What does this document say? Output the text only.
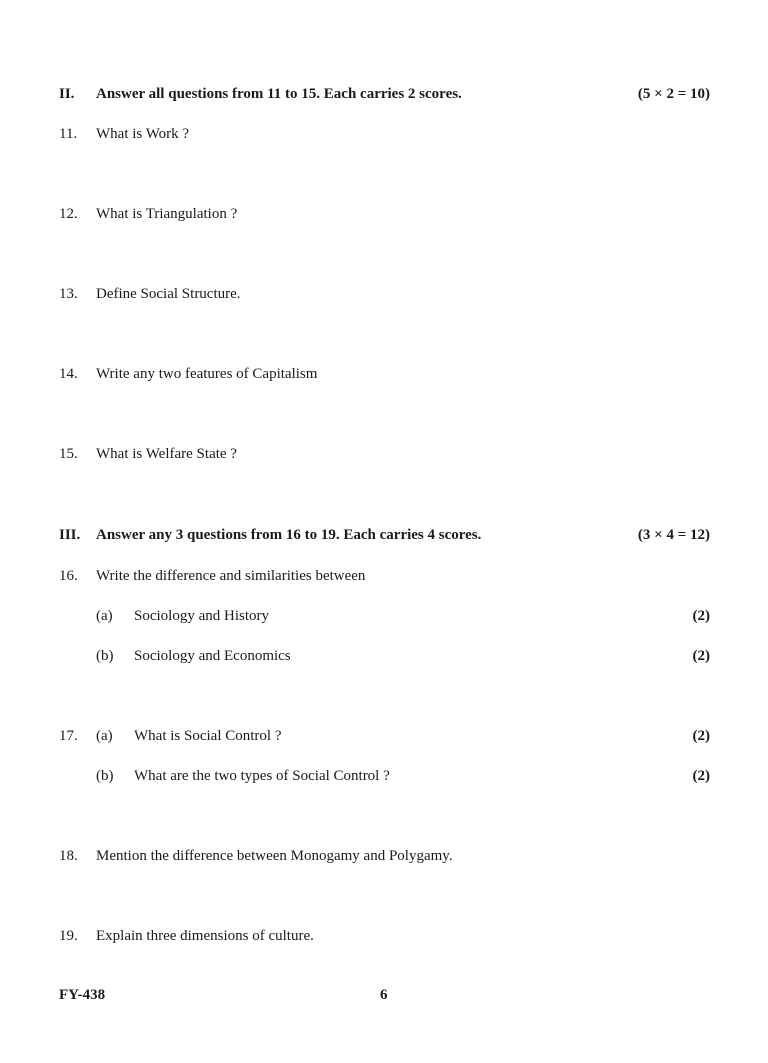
II. Answer all questions from 11 to 15. Each carries 2 scores.	(5 × 2 = 10)
11. What is Work ?
12. What is Triangulation ?
13. Define Social Structure.
14. Write any two features of Capitalism
15. What is Welfare State ?
III. Answer any 3 questions from 16 to 19. Each carries 4 scores.	(3 × 4 = 12)
16. Write the difference and similarities between
(a) Sociology and History	(2)
(b) Sociology and Economics	(2)
17. (a) What is Social Control ?	(2)
(b) What are the two types of Social Control ?	(2)
18. Mention the difference between Monogamy and Polygamy.
19. Explain three dimensions of culture.
FY-438	6
